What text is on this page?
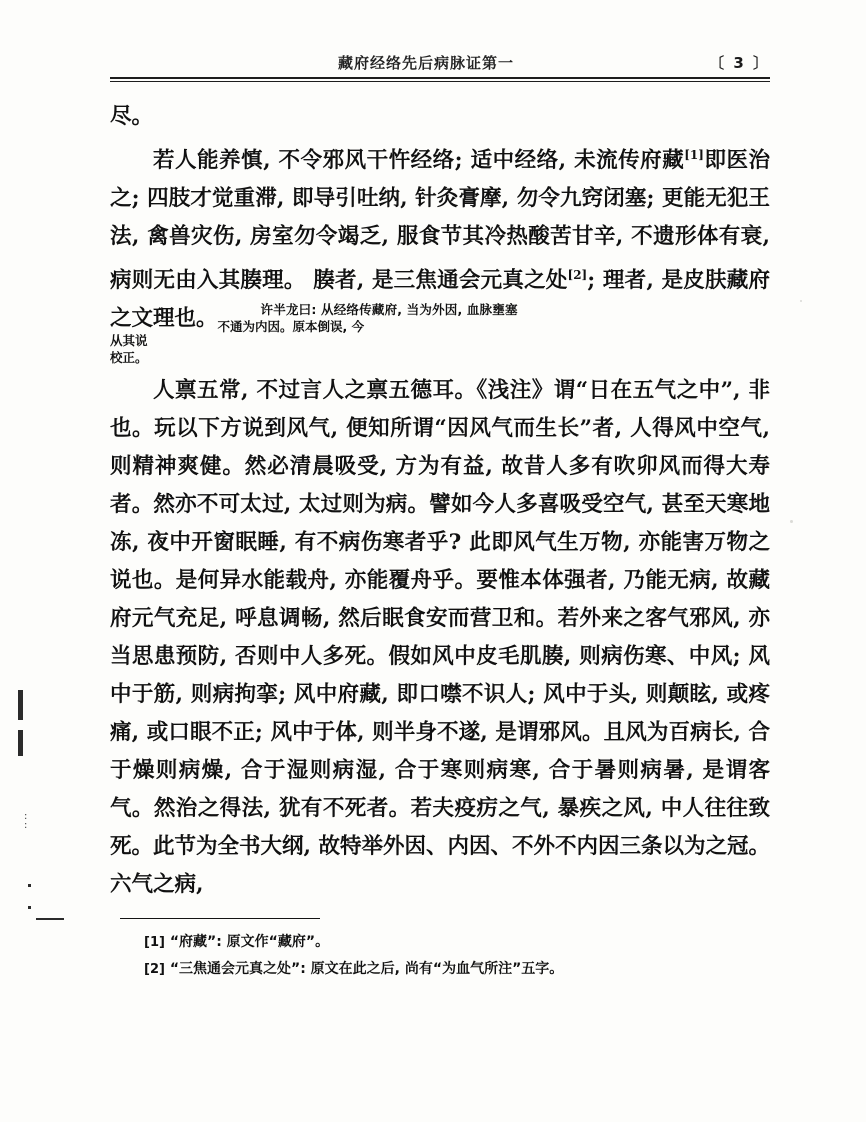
:
:
藏府经络先后病脉证第一	〔 3 〕
尽。
若人能养慎, 不令邪风干忤经络; 适中经络, 未流传府藏[1]即医治之; 四肢才觉重滞, 即导引吐纳, 针灸膏摩, 勿令九窍闭塞; 更能无犯王法, 禽兽灾伤, 房室勿令竭乏, 服食节其冷热酸苦甘辛, 不遗形体有衰, 病则无由入其腠理。 腠者, 是三焦通会元真之处[2]; 理者, 是皮肤藏府之文理也。	许半龙曰: 从经络传藏府, 当为外因, 血脉壅塞不通为内因。原本倒误, 今
从其说
校正。
人禀五常, 不过言人之禀五德耳。《浅注》谓“日在五气之中”, 非也。玩以下方说到风气, 便知所谓“因风气而生长”者, 人得风中空气, 则精神爽健。然必清晨吸受, 方为有益, 故昔人多有吹卯风而得大寿者。然亦不可太过, 太过则为病。譬如今人多喜吸受空气, 甚至天寒地冻, 夜中开窗眠睡, 有不病伤寒者乎? 此即风气生万物, 亦能害万物之说也。是何异水能载舟, 亦能覆舟乎。要惟本体强者, 乃能无病, 故藏府元气充足, 呼息调畅, 然后眠食安而营卫和。若外来之客气邪风, 亦当思患预防, 否则中人多死。假如风中皮毛肌腠, 则病伤寒、中风; 风中于筋, 则病拘挛; 风中府藏, 即口噤不识人; 风中于头, 则颠眩, 或疼痛, 或口眼不正; 风中于体, 则半身不遂, 是谓邪风。且风为百病长, 合于燥则病燥, 合于湿则病湿, 合于寒则病寒, 合于暑则病暑, 是谓客气。然治之得法, 犹有不死者。若夫疫疠之气, 暴疾之风, 中人往往致死。此节为全书大纲, 故特举外因、内因、不外不内因三条以为之冠。六气之病,
[1] “府藏”: 原文作“藏府”。
[2] “三焦通会元真之处”: 原文在此之后, 尚有“为血气所注”五字。
